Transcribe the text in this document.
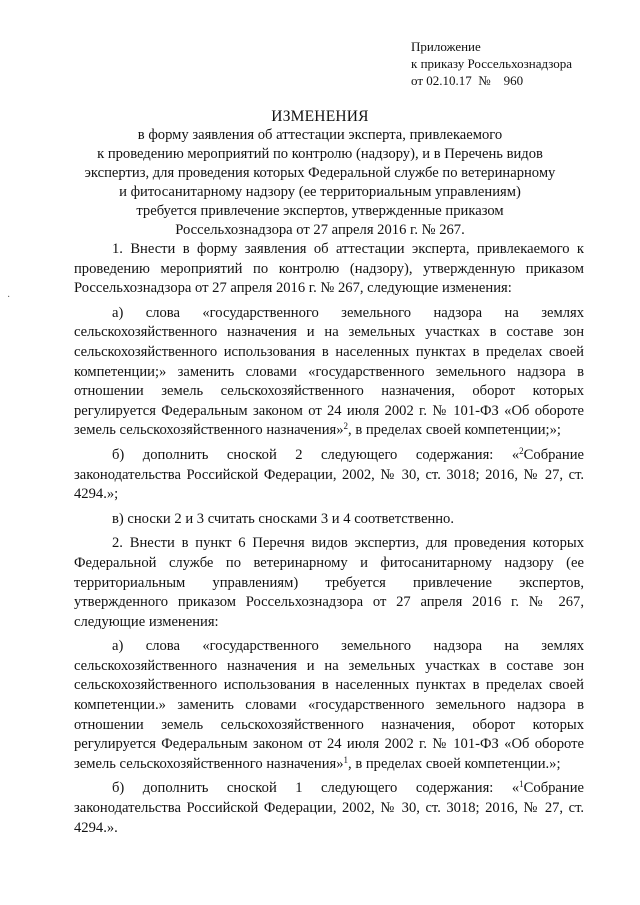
·
Приложение
к приказу Россельхознадзора
от 02.10.17  №    960
ИЗМЕНЕНИЯ
в форму заявления об аттестации эксперта, привлекаемого
к проведению мероприятий по контролю (надзору), и в Перечень видов
экспертиз, для проведения которых Федеральной службе по ветеринарному
и фитосанитарному надзору (ее территориальным управлениям)
требуется привлечение экспертов, утвержденные приказом
Россельхознадзора от 27 апреля 2016 г. № 267.

1. Внести в форму заявления об аттестации эксперта, привлекаемого к проведению мероприятий по контролю (надзору), утвержденную приказом Россельхознадзора от 27 апреля 2016 г. № 267, следующие изменения:

а) слова «государственного земельного надзора на землях сельскохозяйственного назначения и на земельных участках в составе зон сельскохозяйственного использования в населенных пунктах в пределах своей компетенции;» заменить словами «государственного земельного надзора в отношении земель сельскохозяйственного назначения, оборот которых регулируется Федеральным законом от 24 июля 2002 г. № 101-ФЗ «Об обороте земель сельскохозяйственного назначения»$^2$, в пределах своей компетенции;»;

б) дополнить сноской 2 следующего содержания: «$^2$Собрание законодательства Российской Федерации, 2002, № 30, ст. 3018; 2016, № 27, ст. 4294.»;

в) сноски 2 и 3 считать сносками 3 и 4 соответственно.

2. Внести в пункт 6 Перечня видов экспертиз, для проведения которых Федеральной службе по ветеринарному и фитосанитарному надзору (ее территориальным управлениям) требуется привлечение экспертов, утвержденного приказом Россельхознадзора от 27 апреля 2016 г. № 267, следующие изменения:

а) слова «государственного земельного надзора на землях сельскохозяйственного назначения и на земельных участках в составе зон сельскохозяйственного использования в населенных пунктах в пределах своей компетенции.» заменить словами «государственного земельного надзора в отношении земель сельскохозяйственного назначения, оборот которых регулируется Федеральным законом от 24 июля 2002 г. № 101-ФЗ «Об обороте земель сельскохозяйственного назначения»$^1$, в пределах своей компетенции.»;

б) дополнить сноской 1 следующего содержания: «$^1$Собрание законодательства Российской Федерации, 2002, № 30, ст. 3018; 2016, № 27, ст. 4294.».
